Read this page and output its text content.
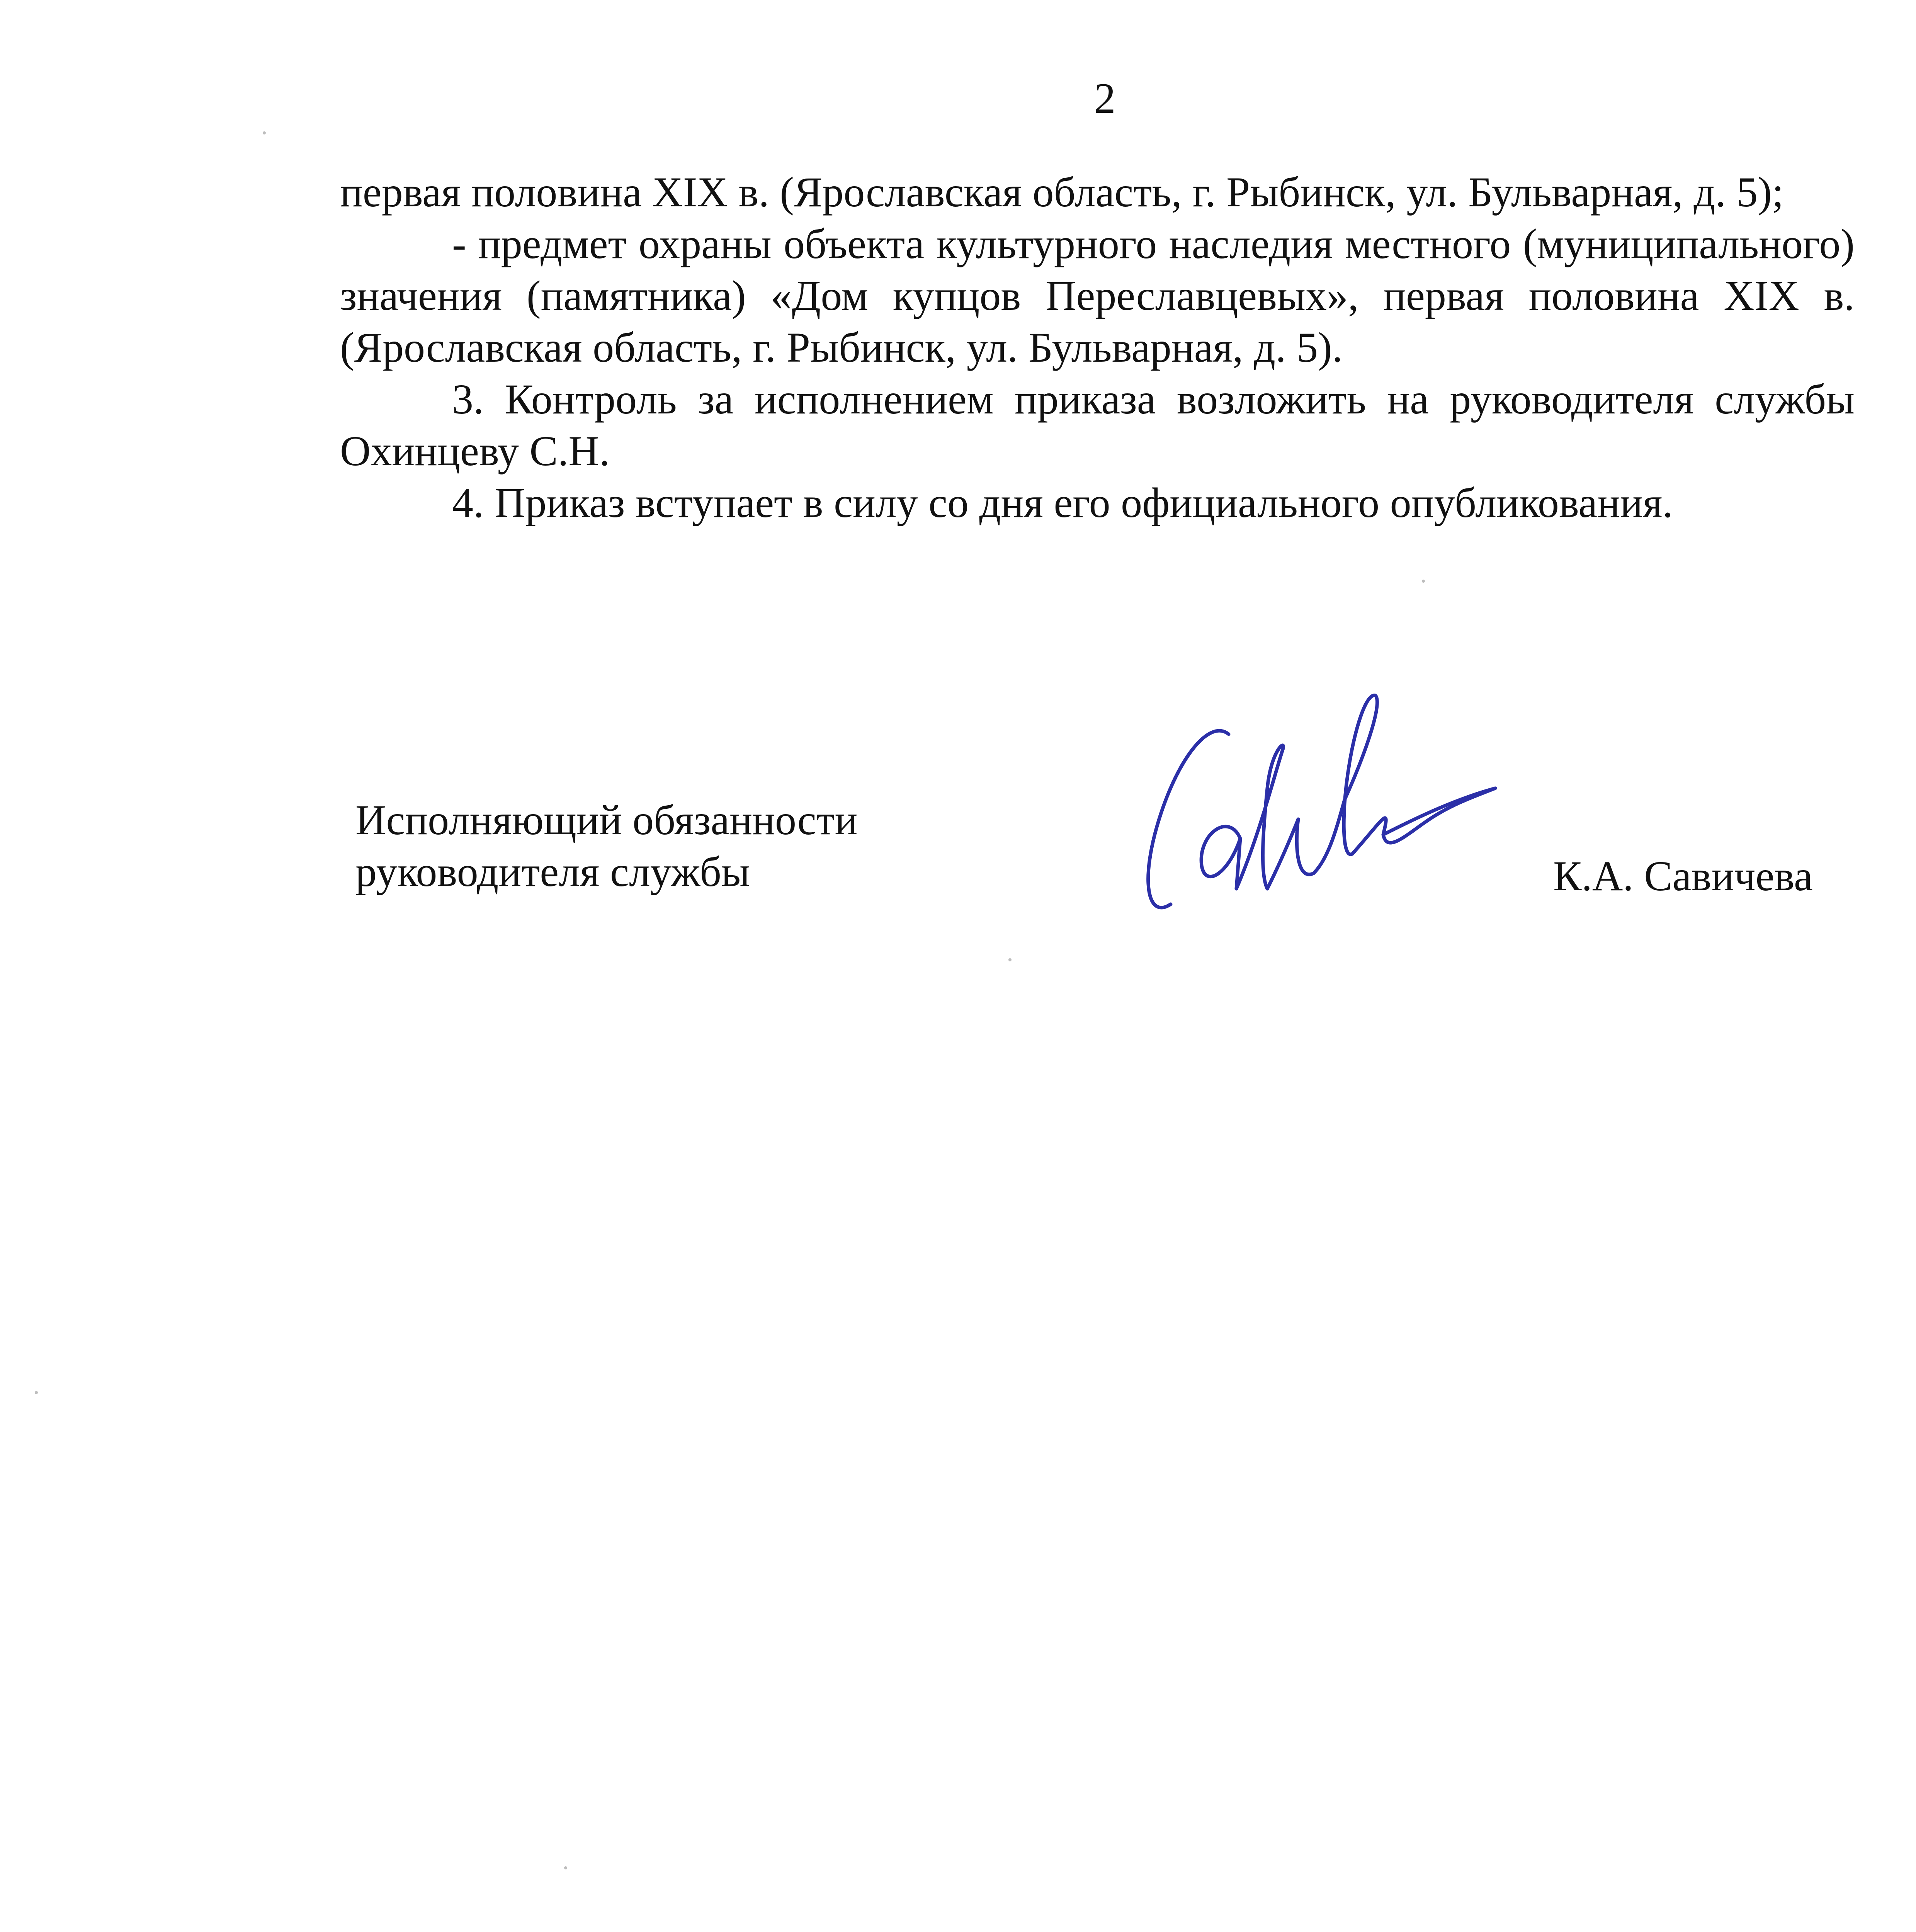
2

первая половина XIX в. (Ярославская область, г. Рыбинск, ул. Бульварная, д. 5);

- предмет охраны объекта культурного наследия местного (муниципального) значения (памятника) «Дом купцов Переславцевых», первая половина XIX в. (Ярославская область, г. Рыбинск, ул. Бульварная, д. 5).

3. Контроль за исполнением приказа возложить на руководителя службы Охинцеву С.Н.

4. Приказ вступает в силу со дня его официального опубликования.

Исполняющий обязанности
руководителя службы	К.А. Савичева
